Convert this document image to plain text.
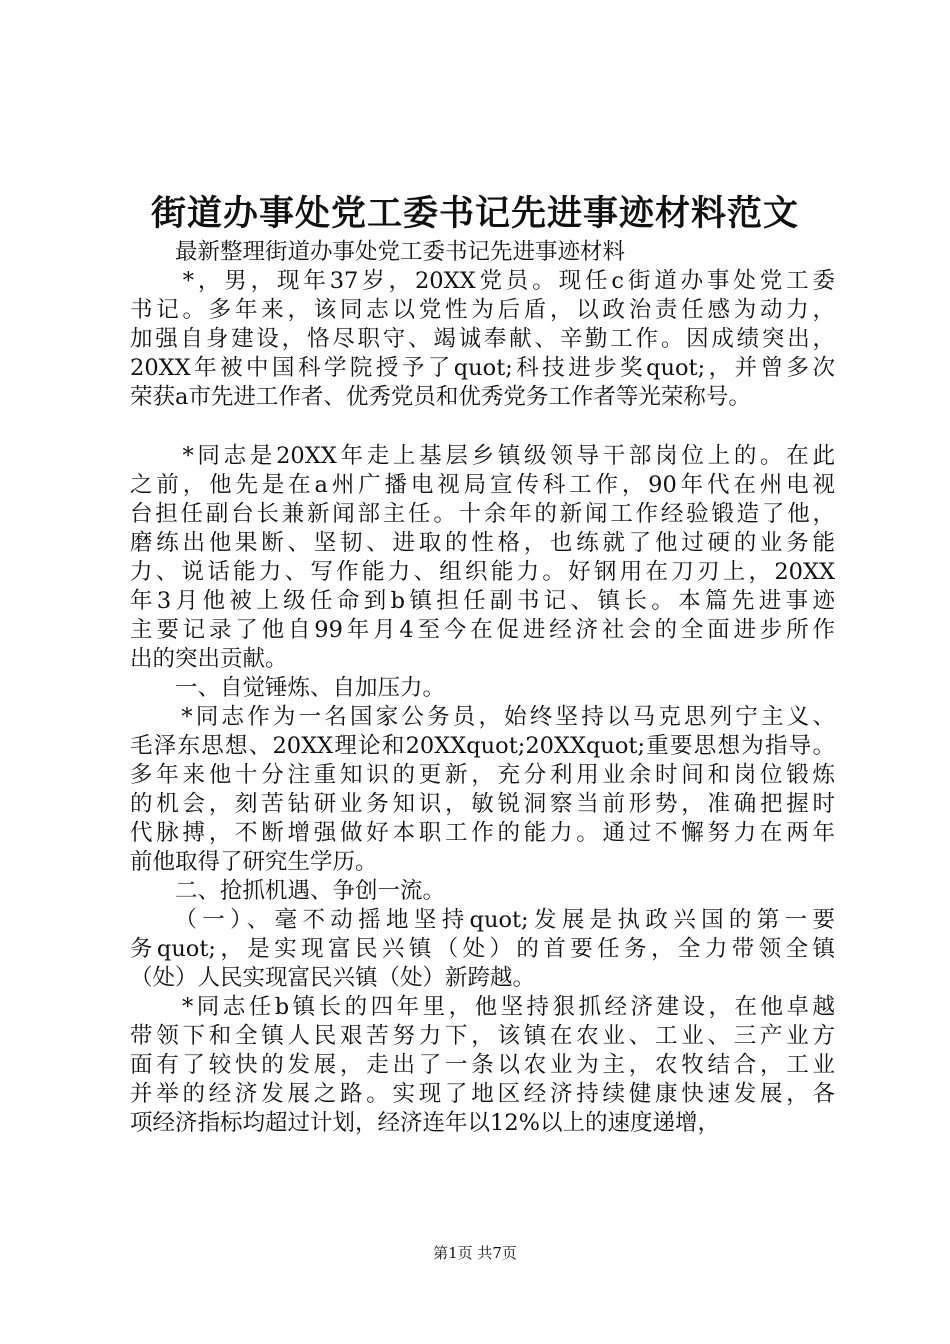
街道办事处党工委书记先进事迹材料范文
　　最新整理街道办事处党工委书记先进事迹材料
　　*，男，现年37岁，20XX党员。现任c街道办事处党工委
书记。多年来，该同志以党性为后盾，以政治责任感为动力，
加强自身建设，恪尽职守、竭诚奉献、辛勤工作。因成绩突出，
20XX年被中国科学院授予了quot;科技进步奖quot;，并曾多次
荣获a市先进工作者、优秀党员和优秀党务工作者等光荣称号。
　　*同志是20XX年走上基层乡镇级领导干部岗位上的。在此
之前，他先是在a州广播电视局宣传科工作，90年代在州电视
台担任副台长兼新闻部主任。十余年的新闻工作经验锻造了他，
磨练出他果断、坚韧、进取的性格，也练就了他过硬的业务能
力、说话能力、写作能力、组织能力。好钢用在刀刃上，20XX
年3月他被上级任命到b镇担任副书记、镇长。本篇先进事迹
主要记录了他自99年月4至今在促进经济社会的全面进步所作
出的突出贡献。
　　一、自觉锤炼、自加压力。
　　*同志作为一名国家公务员，始终坚持以马克思列宁主义、
毛泽东思想、20XX理论和20XXquot;20XXquot;重要思想为指导。
多年来他十分注重知识的更新，充分利用业余时间和岗位锻炼
的机会，刻苦钻研业务知识，敏锐洞察当前形势，准确把握时
代脉搏，不断增强做好本职工作的能力。通过不懈努力在两年
前他取得了研究生学历。
　　二、抢抓机遇、争创一流。
　　（一）、毫不动摇地坚持quot;发展是执政兴国的第一要
务quot;，是实现富民兴镇（处）的首要任务，全力带领全镇
（处）人民实现富民兴镇（处）新跨越。
　　*同志任b镇长的四年里，他坚持狠抓经济建设，在他卓越
带领下和全镇人民艰苦努力下，该镇在农业、工业、三产业方
面有了较快的发展，走出了一条以农业为主，农牧结合，工业
并举的经济发展之路。实现了地区经济持续健康快速发展，各
项经济指标均超过计划，经济连年以12%以上的速度递增，
第1页 共7页
